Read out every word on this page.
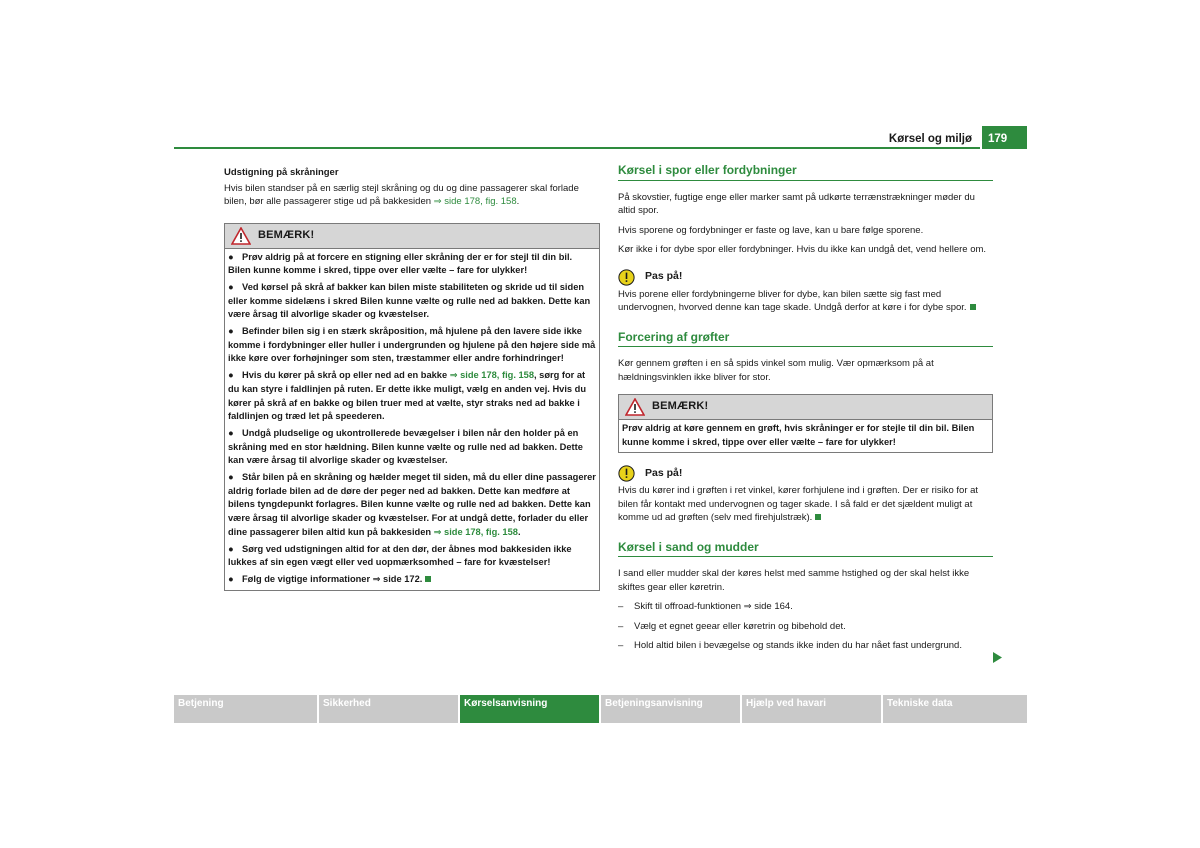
Kørsel og miljø	179
Udstigning på skråninger
Hvis bilen standser på en særlig stejl skråning og du og dine passagerer skal forlade bilen, bør alle passagerer stige ud på bakkesiden ⇒ side 178, fig. 158.
BEMÆRK!
● Prøv aldrig på at forcere en stigning eller skråning der er for stejl til din bil. Bilen kunne komme i skred, tippe over eller vælte – fare for ulykker!
● Ved kørsel på skrå af bakker kan bilen miste stabiliteten og skride ud til siden eller komme sidelæns i skred Bilen kunne vælte og rulle ned ad bakken. Dette kan være årsag til alvorlige skader og kvæstelser.
● Befinder bilen sig i en stærk skråposition, må hjulene på den lavere side ikke komme i fordybninger eller huller i undergrunden og hjulene på den højere side må ikke køre over forhøjninger som sten, træstammer eller andre forhindringer!
● Hvis du kører på skrå op eller ned ad en bakke ⇒ side 178, fig. 158, sørg for at du kan styre i faldlinjen på ruten. Er dette ikke muligt, vælg en anden vej. Hvis du kører på skrå af en bakke og bilen truer med at vælte, styr straks ned ad bakke i faldlinjen og træd let på speederen.
● Undgå pludselige og ukontrollerede bevægelser i bilen når den holder på en skråning med en stor hældning. Bilen kunne vælte og rulle ned ad bakken. Dette kan være årsag til alvorlige skader og kvæstelser.
● Står bilen på en skråning og hælder meget til siden, må du eller dine passagerer aldrig forlade bilen ad de døre der peger ned ad bakken. Dette kan medføre at bilens tyngdepunkt forlagres. Bilen kunne vælte og rulle ned ad bakken. Dette kan være årsag til alvorlige skader og kvæstelser. For at undgå dette, forlader du eller dine passagerer bilen altid kun på bakkesiden ⇒ side 178, fig. 158.
● Sørg ved udstigningen altid for at den dør, der åbnes mod bakkesiden ikke lukkes af sin egen vægt eller ved uopmærksomhed – fare for kvæstelser!
● Følg de vigtige informationer ⇒ side 172.
Kørsel i spor eller fordybninger
På skovstier, fugtige enge eller marker samt på udkørte terrænstrækninger møder du altid spor.
Hvis sporene og fordybninger er faste og lave, kan u bare følge sporene.
Kør ikke i for dybe spor eller fordybninger. Hvis du ikke kan undgå det, vend hellere om.
Pas på!
Hvis porene eller fordybningerne bliver for dybe, kan bilen sætte sig fast med undervognen, hvorved denne kan tage skade. Undgå derfor at køre i for dybe spor.
Forcering af grøfter
Kør gennem grøften i en så spids vinkel som mulig. Vær opmærksom på at hældningsvinklen ikke bliver for stor.
BEMÆRK!
Prøv aldrig at køre gennem en grøft, hvis skråninger er for stejle til din bil. Bilen kunne komme i skred, tippe over eller vælte – fare for ulykker!
Pas på!
Hvis du kører ind i grøften i ret vinkel, kører forhjulene ind i grøften. Der er risiko for at bilen får kontakt med undervognen og tager skade. I så fald er det sjældent muligt at komme ud ad grøften (selv med firehjulstræk).
Kørsel i sand og mudder
I sand eller mudder skal der køres helst med samme hstighed og der skal helst ikke skiftes gear eller køretrin.
– Skift til offroad-funktionen ⇒ side 164.
– Vælg et egnet geear eller køretrin og bibehold det.
– Hold altid bilen i bevægelse og stands ikke inden du har nået fast undergrund.
Betjening	Sikkerhed	Kørselsanvisning	Betjeningsanvisning	Hjælp ved havari	Tekniske data
